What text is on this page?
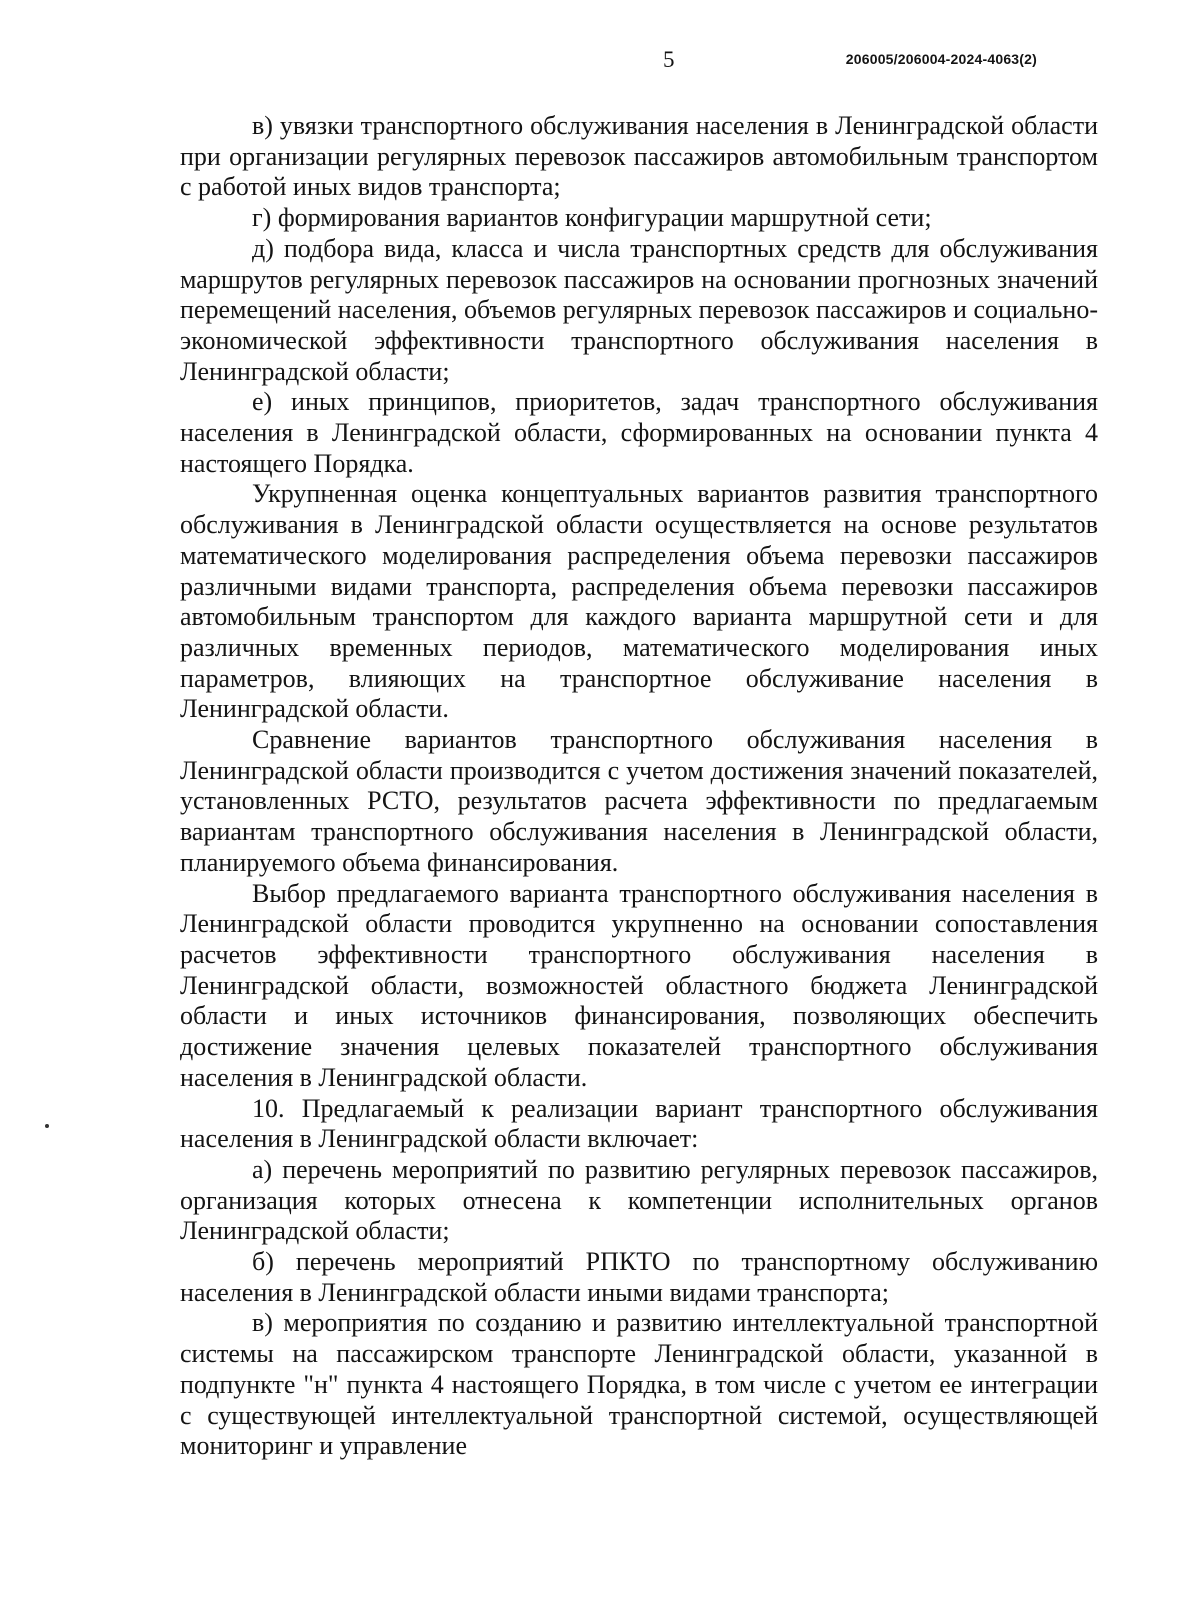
5	206005/206004-2024-4063(2)

в) увязки транспортного обслуживания населения в Ленинградской области при организации регулярных перевозок пассажиров автомобильным транспортом с работой иных видов транспорта;

г) формирования вариантов конфигурации маршрутной сети;

д) подбора вида, класса и числа транспортных средств для обслуживания маршрутов регулярных перевозок пассажиров на основании прогнозных значений перемещений населения, объемов регулярных перевозок пассажиров и социально-экономической эффективности транспортного обслуживания населения в Ленинградской области;

е) иных принципов, приоритетов, задач транспортного обслуживания населения в Ленинградской области, сформированных на основании пункта 4 настоящего Порядка.

Укрупненная оценка концептуальных вариантов развития транспортного обслуживания в Ленинградской области осуществляется на основе результатов математического моделирования распределения объема перевозки пассажиров различными видами транспорта, распределения объема перевозки пассажиров автомобильным транспортом для каждого варианта маршрутной сети и для различных временных периодов, математического моделирования иных параметров, влияющих на транспортное обслуживание населения в Ленинградской области.

Сравнение вариантов транспортного обслуживания населения в Ленинградской области производится с учетом достижения значений показателей, установленных РСТО, результатов расчета эффективности по предлагаемым вариантам транспортного обслуживания населения в Ленинградской области, планируемого объема финансирования.

Выбор предлагаемого варианта транспортного обслуживания населения в Ленинградской области проводится укрупненно на основании сопоставления расчетов эффективности транспортного обслуживания населения в Ленинградской области, возможностей областного бюджета Ленинградской области и иных источников финансирования, позволяющих обеспечить достижение значения целевых показателей транспортного обслуживания населения в Ленинградской области.

10. Предлагаемый к реализации вариант транспортного обслуживания населения в Ленинградской области включает:

а) перечень мероприятий по развитию регулярных перевозок пассажиров, организация которых отнесена к компетенции исполнительных органов Ленинградской области;

б) перечень мероприятий РПКТО по транспортному обслуживанию населения в Ленинградской области иными видами транспорта;

в) мероприятия по созданию и развитию интеллектуальной транспортной системы на пассажирском транспорте Ленинградской области, указанной в подпункте "н" пункта 4 настоящего Порядка, в том числе с учетом ее интеграции с существующей интеллектуальной транспортной системой, осуществляющей мониторинг и управление
